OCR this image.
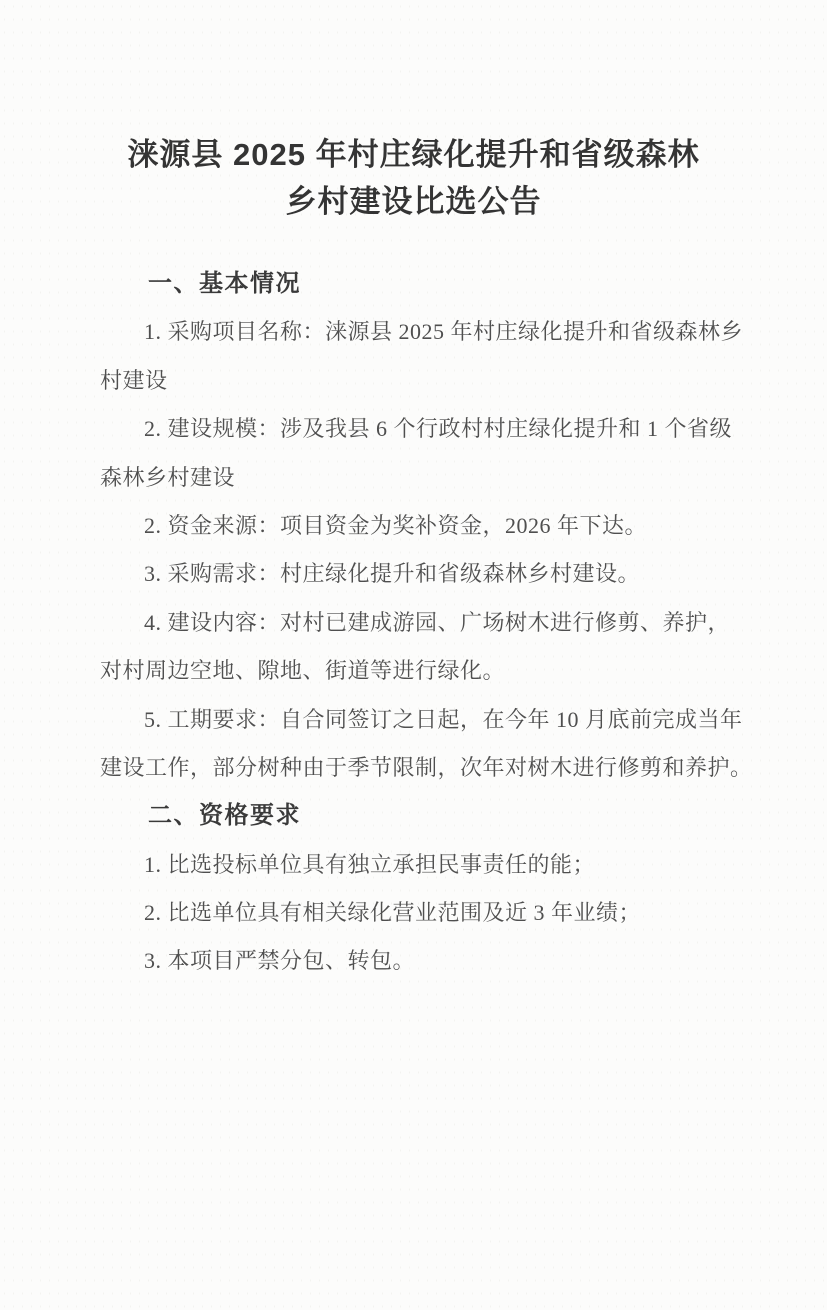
涞源县 2025 年村庄绿化提升和省级森林
乡村建设比选公告
一、基本情况
1. 采购项目名称：涞源县 2025 年村庄绿化提升和省级森林乡
村建设
2. 建设规模：涉及我县 6 个行政村村庄绿化提升和 1 个省级
森林乡村建设
2. 资金来源：项目资金为奖补资金，2026 年下达。
3. 采购需求：村庄绿化提升和省级森林乡村建设。
4. 建设内容：对村已建成游园、广场树木进行修剪、养护，
对村周边空地、隙地、街道等进行绿化。
5. 工期要求：自合同签订之日起，在今年 10 月底前完成当年
建设工作，部分树种由于季节限制，次年对树木进行修剪和养护。
二、资格要求
1. 比选投标单位具有独立承担民事责任的能；
2. 比选单位具有相关绿化营业范围及近 3 年业绩；
3. 本项目严禁分包、转包。
